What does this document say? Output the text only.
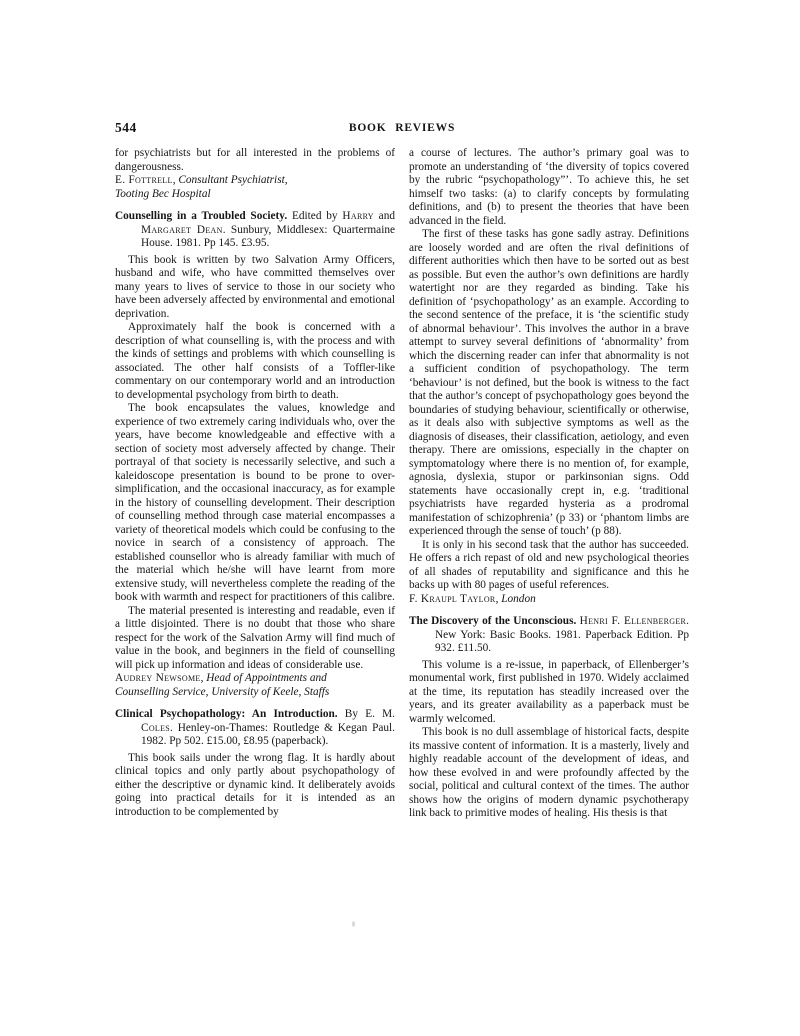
544	BOOK REVIEWS

for psychiatrists but for all interested in the problems of dangerousness.

E. Fottrell, Consultant Psychiatrist,

Tooting Bec Hospital

Counselling in a Troubled Society. Edited by Harry and Margaret Dean. Sunbury, Middlesex: Quartermaine House. 1981. Pp 145. £3.95.

This book is written by two Salvation Army Officers, husband and wife, who have committed themselves over many years to lives of service to those in our society who have been adversely affected by environmental and emotional deprivation.

Approximately half the book is concerned with a description of what counselling is, with the process and with the kinds of settings and problems with which counselling is associated. The other half consists of a Toffler-like commentary on our contemporary world and an introduction to developmental psychology from birth to death.

The book encapsulates the values, knowledge and experience of two extremely caring individuals who, over the years, have become knowledgeable and effective with a section of society most adversely affected by change. Their portrayal of that society is necessarily selective, and such a kaleidoscope presentation is bound to be prone to over-simplification, and the occasional inaccuracy, as for example in the history of counselling development. Their description of counselling method through case material encompasses a variety of theoretical models which could be confusing to the novice in search of a consistency of approach. The established counsellor who is already familiar with much of the material which he/she will have learnt from more extensive study, will nevertheless complete the reading of the book with warmth and respect for practitioners of this calibre.

The material presented is interesting and readable, even if a little disjointed. There is no doubt that those who share respect for the work of the Salvation Army will find much of value in the book, and beginners in the field of counselling will pick up information and ideas of considerable use.

Audrey Newsome, Head of Appointments and

Counselling Service, University of Keele, Staffs

Clinical Psychopathology: An Introduction. By E. M. Coles. Henley-on-Thames: Routledge & Kegan Paul. 1982. Pp 502. £15.00, £8.95 (paperback).

This book sails under the wrong flag. It is hardly about clinical topics and only partly about psychopathology of either the descriptive or dynamic kind. It deliberately avoids going into practical details for it is intended as an introduction to be complemented by

a course of lectures. The author’s primary goal was to promote an understanding of ‘the diversity of topics covered by the rubric “psychopathology”’. To achieve this, he set himself two tasks: (a) to clarify concepts by formulating definitions, and (b) to present the theories that have been advanced in the field.

The first of these tasks has gone sadly astray. Definitions are loosely worded and are often the rival definitions of different authorities which then have to be sorted out as best as possible. But even the author’s own definitions are hardly watertight nor are they regarded as binding. Take his definition of ‘psychopathology’ as an example. According to the second sentence of the preface, it is ‘the scientific study of abnormal behaviour’. This involves the author in a brave attempt to survey several definitions of ‘abnormality’ from which the discerning reader can infer that abnormality is not a sufficient condition of psychopathology. The term ‘behaviour’ is not defined, but the book is witness to the fact that the author’s concept of psychopathology goes beyond the boundaries of studying behaviour, scientifically or otherwise, as it deals also with subjective symptoms as well as the diagnosis of diseases, their classification, aetiology, and even therapy. There are omissions, especially in the chapter on symptomatology where there is no mention of, for example, agnosia, dyslexia, stupor or parkinsonian signs. Odd statements have occasionally crept in, e.g. ‘traditional psychiatrists have regarded hysteria as a prodromal manifestation of schizophrenia’ (p 33) or ‘phantom limbs are experienced through the sense of touch’ (p 88).

It is only in his second task that the author has succeeded. He offers a rich repast of old and new psychological theories of all shades of reputability and significance and this he backs up with 80 pages of useful references.

F. Kraupl Taylor, London

The Discovery of the Unconscious. Henri F. Ellenberger. New York: Basic Books. 1981. Paperback Edition. Pp 932. £11.50.

This volume is a re-issue, in paperback, of Ellenberger’s monumental work, first published in 1970. Widely acclaimed at the time, its reputation has steadily increased over the years, and its greater availability as a paperback must be warmly welcomed.

This book is no dull assemblage of historical facts, despite its massive content of information. It is a masterly, lively and highly readable account of the development of ideas, and how these evolved in and were profoundly affected by the social, political and cultural context of the times. The author shows how the origins of modern dynamic psychotherapy link back to primitive modes of healing. His thesis is that
